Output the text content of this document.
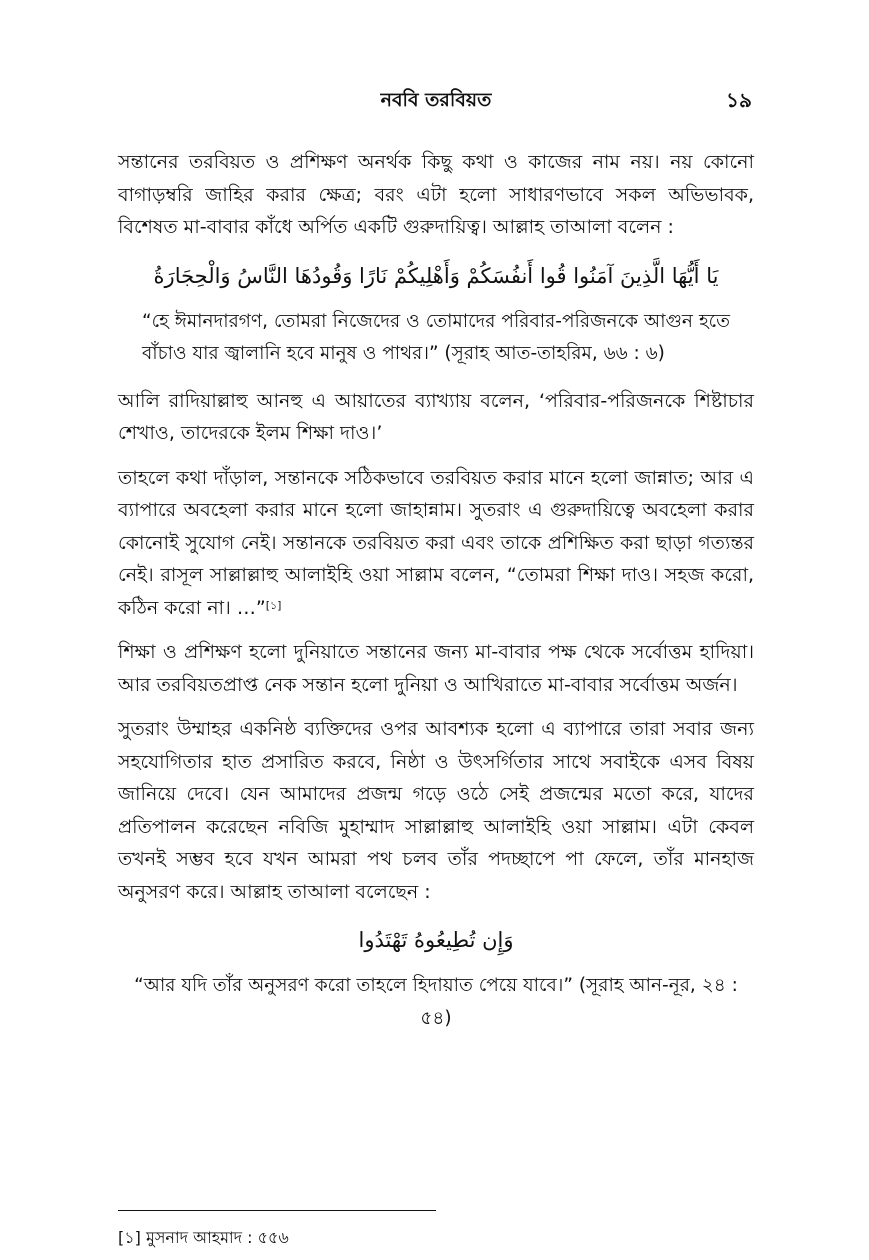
নববি তরবিয়ত	১৯

সন্তানের তরবিয়ত ও প্রশিক্ষণ অনর্থক কিছু কথা ও কাজের নাম নয়। নয় কোনো বাগাড়ম্বরি জাহির করার ক্ষেত্র; বরং এটা হলো সাধারণভাবে সকল অভিভাবক, বিশেষত মা-বাবার কাঁধে অর্পিত একটি গুরুদায়িত্ব। আল্লাহ তাআলা বলেন :

يَا أَيُّهَا الَّذِينَ آمَنُوا قُوا أَنفُسَكُمْ وَأَهْلِيكُمْ نَارًا وَقُودُهَا النَّاسُ وَالْحِجَارَةُ

“হে ঈমানদারগণ, তোমরা নিজেদের ও তোমাদের পরিবার-পরিজনকে আগুন হতে বাঁচাও যার জ্বালানি হবে মানুষ ও পাথর।” (সূরাহ আত-তাহরিম, ৬৬ : ৬)

আলি রাদিয়াল্লাহু আনহু এ আয়াতের ব্যাখ্যায় বলেন, ‘পরিবার-পরিজনকে শিষ্টাচার শেখাও, তাদেরকে ইলম শিক্ষা দাও।’

তাহলে কথা দাঁড়াল, সন্তানকে সঠিকভাবে তরবিয়ত করার মানে হলো জান্নাত; আর এ ব্যাপারে অবহেলা করার মানে হলো জাহান্নাম। সুতরাং এ গুরুদায়িত্বে অবহেলা করার কোনোই সুযোগ নেই। সন্তানকে তরবিয়ত করা এবং তাকে প্রশিক্ষিত করা ছাড়া গত্যন্তর নেই। রাসূল সাল্লাল্লাহু আলাইহি ওয়া সাল্লাম বলেন, “তোমরা শিক্ষা দাও। সহজ করো, কঠিন করো না। …”[১]

শিক্ষা ও প্রশিক্ষণ হলো দুনিয়াতে সন্তানের জন্য মা-বাবার পক্ষ থেকে সর্বোত্তম হাদিয়া। আর তরবিয়তপ্রাপ্ত নেক সন্তান হলো দুনিয়া ও আখিরাতে মা-বাবার সর্বোত্তম অর্জন।

সুতরাং উম্মাহর একনিষ্ঠ ব্যক্তিদের ওপর আবশ্যক হলো এ ব্যাপারে তারা সবার জন্য সহযোগিতার হাত প্রসারিত করবে, নিষ্ঠা ও উৎসর্গিতার সাথে সবাইকে এসব বিষয় জানিয়ে দেবে। যেন আমাদের প্রজন্ম গড়ে ওঠে সেই প্রজন্মের মতো করে, যাদের প্রতিপালন করেছেন নবিজি মুহাম্মাদ সাল্লাল্লাহু আলাইহি ওয়া সাল্লাম। এটা কেবল তখনই সম্ভব হবে যখন আমরা পথ চলব তাঁর পদচ্ছাপে পা ফেলে, তাঁর মানহাজ অনুসরণ করে। আল্লাহ তাআলা বলেছেন :

وَإِن تُطِيعُوهُ تَهْتَدُوا

“আর যদি তাঁর অনুসরণ করো তাহলে হিদায়াত পেয়ে যাবে।” (সূরাহ আন-নূর, ২৪ : ৫৪)

[১] মুসনাদ আহমাদ : ৫৫৬
